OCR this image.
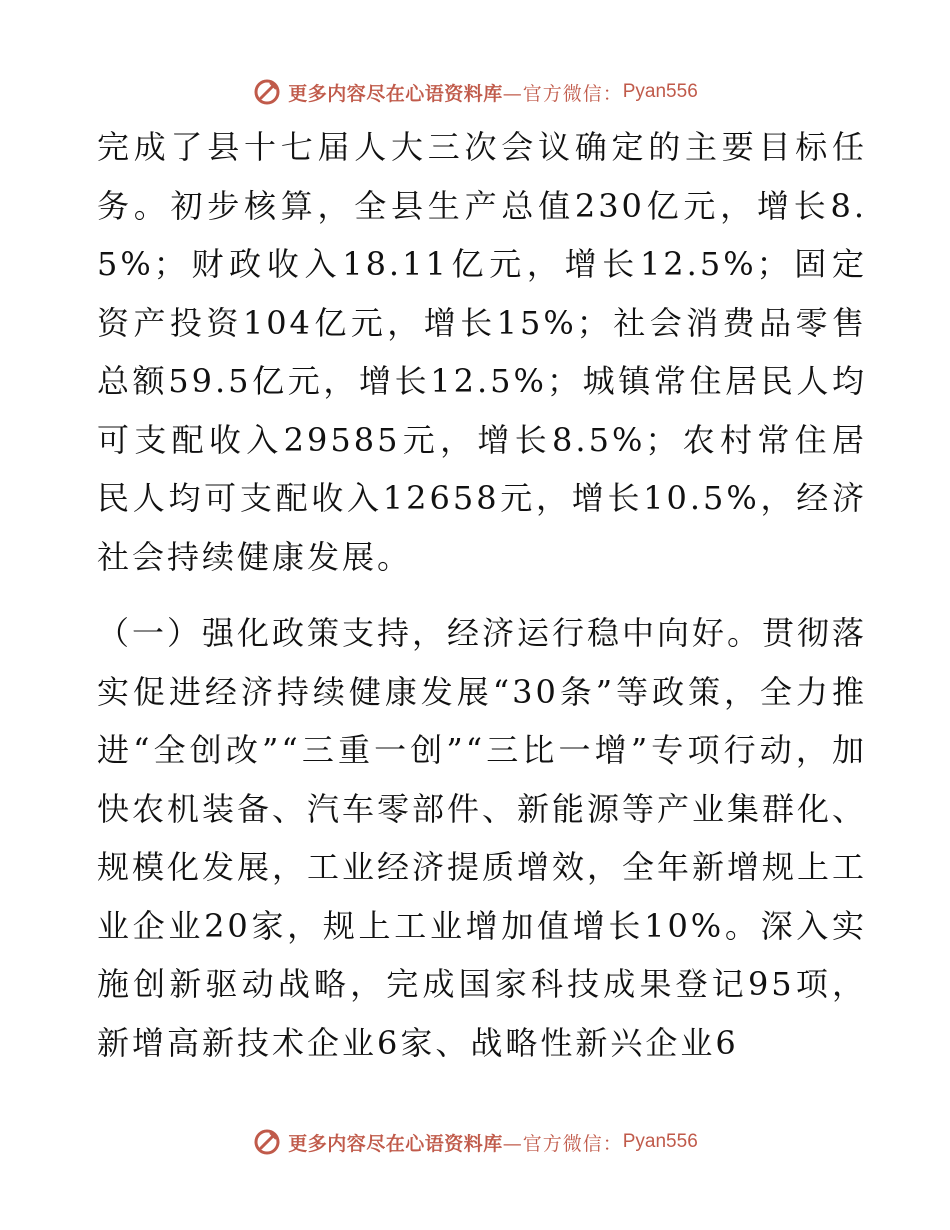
更多内容尽在心语资料库 —官方微信： Pyan556

完成了县十七届人大三次会议确定的主要目标任务。初步核算，全县生产总值230亿元，增长8.5%；财政收入18.11亿元，增长12.5%；固定资产投资104亿元，增长15%；社会消费品零售总额59.5亿元，增长12.5%；城镇常住居民人均可支配收入29585元，增长8.5%；农村常住居民人均可支配收入12658元，增长10.5%，经济社会持续健康发展。

（一）强化政策支持，经济运行稳中向好。贯彻落实促进经济持续健康发展“30条”等政策，全力推进“全创改”“三重一创”“三比一增”专项行动，加快农机装备、汽车零部件、新能源等产业集群化、规模化发展，工业经济提质增效，全年新增规上工业企业20家，规上工业增加值增长10%。深入实施创新驱动战略，完成国家科技成果登记95项，新增高新技术企业6家、战略性新兴企业6

更多内容尽在心语资料库 —官方微信： Pyan556
